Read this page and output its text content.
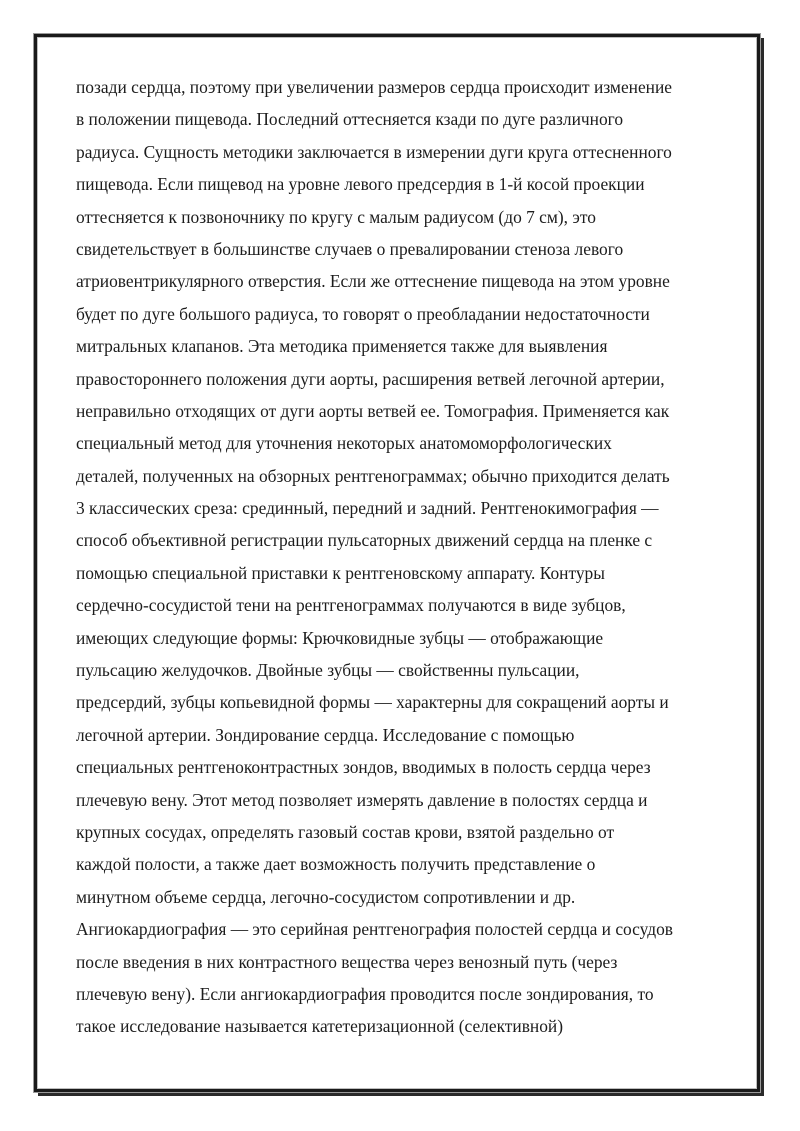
позади сердца, поэтому при увеличении размеров сердца происходит изменение
в положении пищевода. Последний оттесняется кзади по дуге различного
радиуса. Сущность методики заключается в измерении дуги круга оттесненного
пищевода. Если пищевод на уровне левого предсердия в 1-й косой проекции
оттесняется к позвоночнику по кругу с малым радиусом (до 7 см), это
свидетельствует в большинстве случаев о превалировании стеноза левого
атриовентрикулярного отверстия. Если же оттеснение пищевода на этом уровне
будет по дуге большого радиуса, то говорят о преобладании недостаточности
митральных клапанов. Эта методика применяется также для выявления
правостороннего положения дуги аорты, расширения ветвей легочной артерии,
неправильно отходящих от дуги аорты ветвей ее. Томография. Применяется как
специальный метод для уточнения некоторых анатомоморфологических
деталей, полученных на обзорных рентгенограммах; обычно приходится делать
3 классических среза: срединный, передний и задний. Рентгенокимография —
способ объективной регистрации пульсаторных движений сердца на пленке с
помощью специальной приставки к рентгеновскому аппарату. Контуры
сердечно-сосудистой тени на рентгенограммах получаются в виде зубцов,
имеющих следующие формы: Крючковидные зубцы — отображающие
пульсацию желудочков. Двойные зубцы — свойственны пульсации,
предсердий, зубцы копьевидной формы — характерны для сокращений аорты и
легочной артерии. Зондирование сердца. Исследование с помощью
специальных рентгеноконтрастных зондов, вводимых в полость сердца через
плечевую вену. Этот метод позволяет измерять давление в полостях сердца и
крупных сосудах, определять газовый состав крови, взятой раздельно от
каждой полости, а также дает возможность получить представление о
минутном объеме сердца, легочно-сосудистом сопротивлении и др.
Ангиокардиография — это серийная рентгенография полостей сердца и сосудов
после введения в них контрастного вещества через венозный путь (через
плечевую вену). Если ангиокардиография проводится после зондирования, то
такое исследование называется катетеризационной (селективной)
